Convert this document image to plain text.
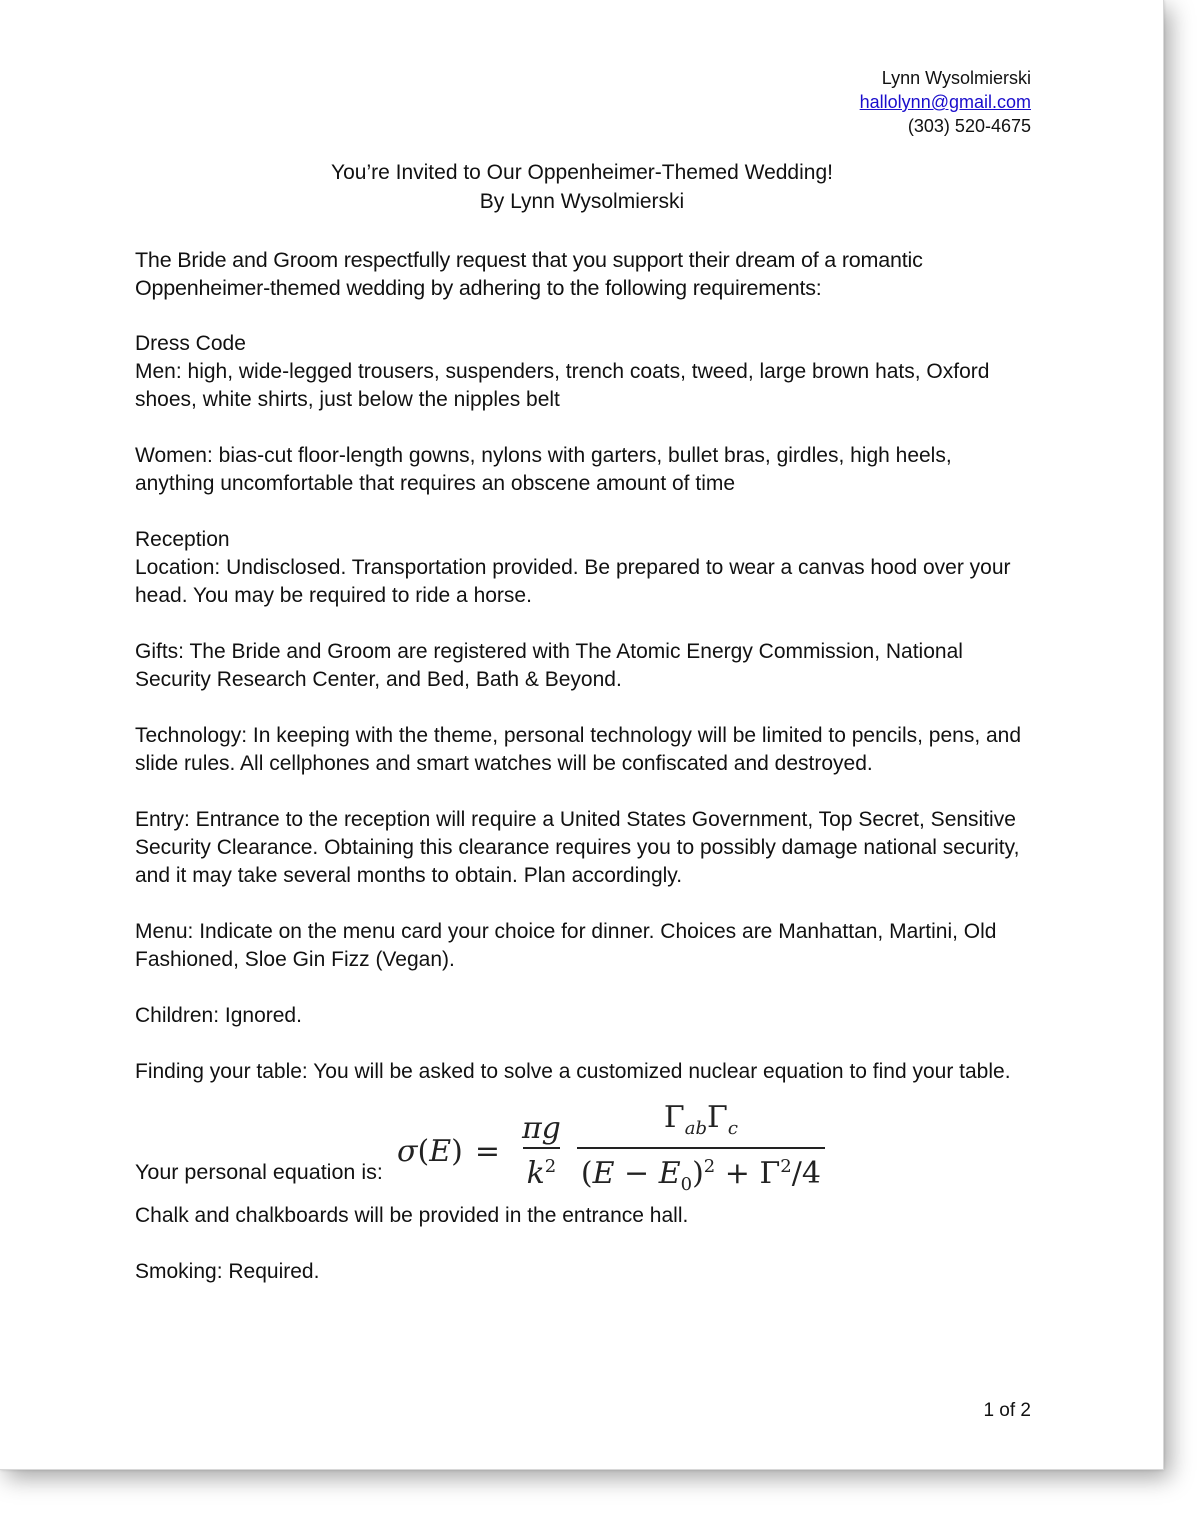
Lynn Wysolmierski
hallolynn@gmail.com
(303) 520-4675
You’re Invited to Our Oppenheimer-Themed Wedding!
By Lynn Wysolmierski

The Bride and Groom respectfully request that you support their dream of a romantic Oppenheimer-themed wedding by adhering to the following requirements:

Dress Code

Men: high, wide-legged trousers, suspenders, trench coats, tweed, large brown hats, Oxford shoes, white shirts, just below the nipples belt

Women: bias-cut floor-length gowns, nylons with garters, bullet bras, girdles, high heels, anything uncomfortable that requires an obscene amount of time

Reception

Location: Undisclosed. Transportation provided. Be prepared to wear a canvas hood over your head. You may be required to ride a horse.

Gifts: The Bride and Groom are registered with The Atomic Energy Commission, National Security Research Center, and Bed, Bath & Beyond.

Technology: In keeping with the theme, personal technology will be limited to pencils, pens, and slide rules. All cellphones and smart watches will be confiscated and destroyed.

Entry: Entrance to the reception will require a United States Government, Top Secret, Sensitive Security Clearance. Obtaining this clearance requires you to possibly damage national security, and it may take several months to obtain. Plan accordingly.

Menu: Indicate on the menu card your choice for dinner. Choices are Manhattan, Martini, Old Fashioned, Sloe Gin Fizz (Vegan).

Children: Ignored.

Finding your table: You will be asked to solve a customized nuclear equation to find your table.

Your personal equation is:
$\sigma(E) = \frac{\pi g}{k^2} \frac{\Gamma_{ab}\Gamma_c}{(E - E_0)^2 + \Gamma^2/4}$

Chalk and chalkboards will be provided in the entrance hall.

Smoking: Required.

1 of 2
